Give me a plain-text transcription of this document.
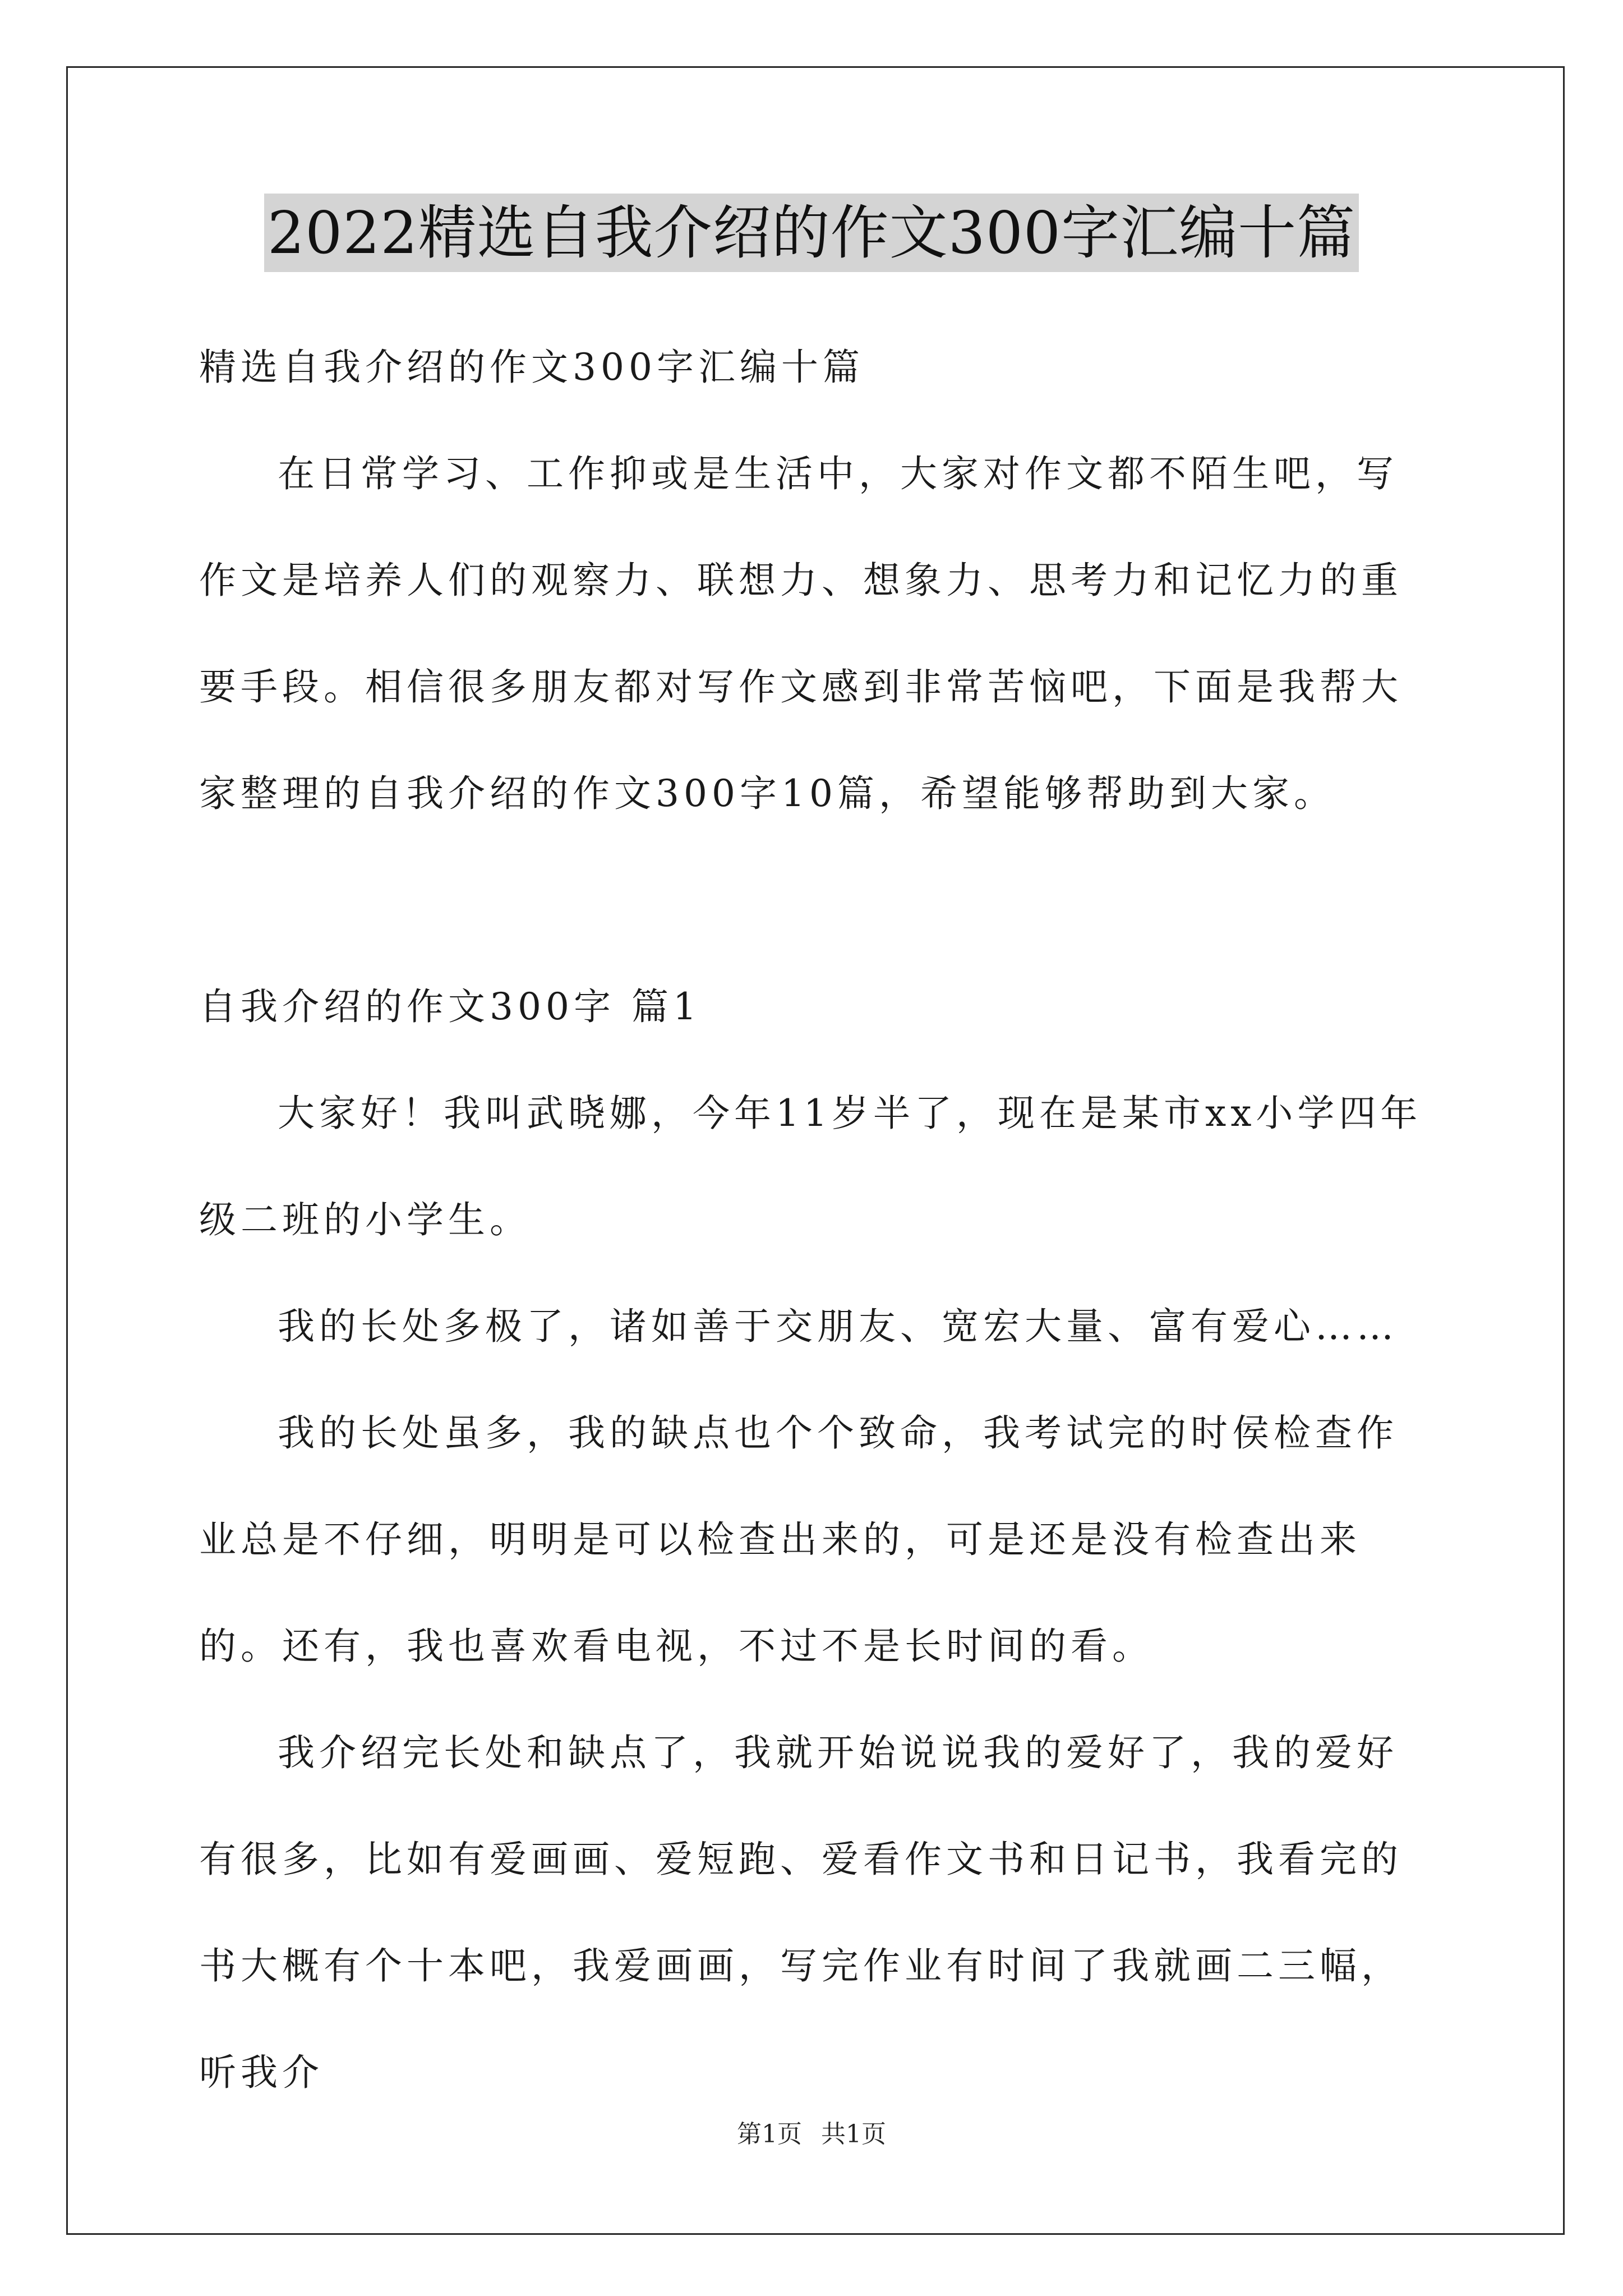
2022精选自我介绍的作文300字汇编十篇

精选自我介绍的作文300字汇编十篇

在日常学习、工作抑或是生活中，大家对作文都不陌生吧，写作文是培养人们的观察力、联想力、想象力、思考力和记忆力的重要手段。相信很多朋友都对写作文感到非常苦恼吧，下面是我帮大家整理的自我介绍的作文300字10篇，希望能够帮助到大家。

自我介绍的作文300字 篇1

大家好！我叫武晓娜，今年11岁半了，现在是某市xx小学四年级二班的小学生。

我的长处多极了，诸如善于交朋友、宽宏大量、富有爱心……

我的长处虽多，我的缺点也个个致命，我考试完的时侯检查作业总是不仔细，明明是可以检查出来的，可是还是没有检查出来的。还有，我也喜欢看电视，不过不是长时间的看。

我介绍完长处和缺点了，我就开始说说我的爱好了，我的爱好有很多，比如有爱画画、爱短跑、爱看作文书和日记书，我看完的书大概有个十本吧，我爱画画，写完作业有时间了我就画二三幅，听我介

第1页 共1页
